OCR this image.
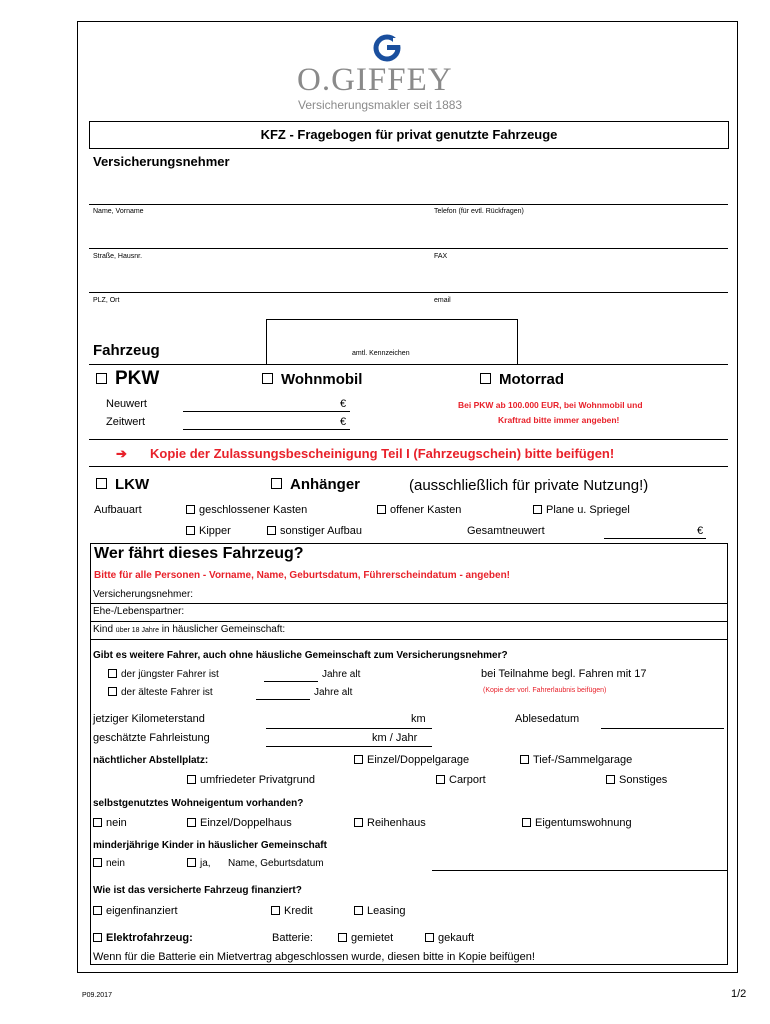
O.GIFFEY
Versicherungsmakler seit 1883
KFZ - Fragebogen für privat genutzte Fahrzeuge
Versicherungsnehmer
Name, Vorname	Telefon (für evtl. Rückfragen)
Straße, Hausnr.	FAX
PLZ, Ort	email
amtl. Kennzeichen
Fahrzeug
PKW	Wohnmobil	Motorrad
Neuwert	€
Zeitwert	€
Bei PKW ab 100.000 EUR, bei Wohnmobil und
Kraftrad bitte immer angeben!
➔ Kopie der Zulassungsbescheinigung Teil I (Fahrzeugschein) bitte beifügen!
LKW	Anhänger	(ausschließlich für private Nutzung!)
Aufbauart	geschlossener Kasten	offener Kasten	Plane u. Spriegel
Kipper	sonstiger Aufbau	Gesamtneuwert	€
Wer fährt dieses Fahrzeug?
Bitte für alle Personen - Vorname, Name, Geburtsdatum, Führerscheindatum - angeben!
Versicherungsnehmer:
Ehe-/Lebenspartner:
Kind über 18 Jahre in häuslicher Gemeinschaft:
Gibt es weitere Fahrer, auch ohne häusliche Gemeinschaft zum Versicherungsnehmer?
der jüngster Fahrer ist	Jahre alt
der älteste Fahrer ist	Jahre alt
bei Teilnahme begl. Fahren mit 17
(Kopie der vorl. Fahrerlaubnis beifügen)
jetziger Kilometerstand	km	Ablesedatum
geschätzte Fahrleistung	km / Jahr
nächtlicher Abstellplatz:	Einzel/Doppelgarage	Tief-/Sammelgarage
umfriedeter Privatgrund	Carport	Sonstiges
selbstgenutztes Wohneigentum vorhanden?
nein	Einzel/Doppelhaus	Reihenhaus	Eigentumswohnung
minderjährige Kinder in häuslicher Gemeinschaft
nein	ja, Name, Geburtsdatum
Wie ist das versicherte Fahrzeug finanziert?
eigenfinanziert	Kredit	Leasing
Elektrofahrzeug:	Batterie:	gemietet	gekauft
Wenn für die Batterie ein Mietvertrag abgeschlossen wurde, diesen bitte in Kopie beifügen!
P09.2017	1/2
